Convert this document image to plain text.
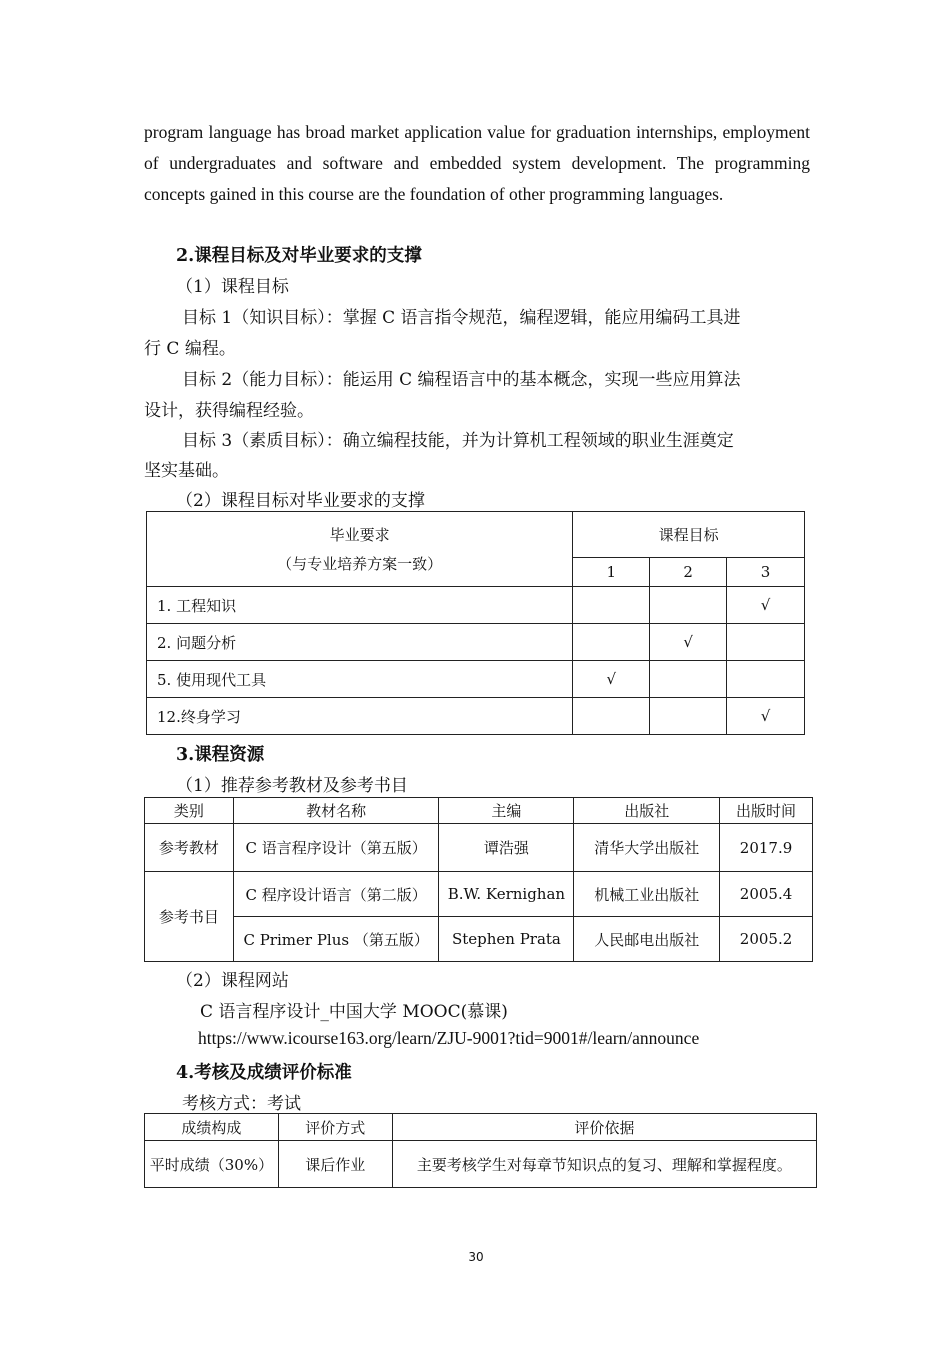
program language has broad market application value for graduation internships, employment of undergraduates and software and embedded system development. The programming concepts gained in this course are the foundation of other programming languages.
2.课程目标及对毕业要求的支撑
（1）课程目标
目标 1（知识目标）：掌握 C 语言指令规范，编程逻辑，能应用编码工具进
行 C 编程。
目标 2（能力目标）：能运用 C 编程语言中的基本概念，实现一些应用算法
设计，获得编程经验。
目标 3（素质目标）：确立编程技能，并为计算机工程领域的职业生涯奠定
坚实基础。
（2）课程目标对毕业要求的支撑
毕业要求
（与专业培养方案一致）	课程目标		
	1	2	3
1. 工程知识			√
2. 问题分析		√	
5. 使用现代工具	√		
12.终身学习			√
3.课程资源
（1）推荐参考教材及参考书目
类别	教材名称	主编	出版社	出版时间
参考教材	C 语言程序设计（第五版）	谭浩强	清华大学出版社	2017.9
参考书目	C 程序设计语言（第二版）	B.W. Kernighan	机械工业出版社	2005.4
	C Primer Plus （第五版）	Stephen Prata	人民邮电出版社	2005.2
（2）课程网站
C 语言程序设计_中国大学 MOOC(慕课)
https://www.icourse163.org/learn/ZJU-9001?tid=9001#/learn/announce
4.考核及成绩评价标准
考核方式：考试
成绩构成	评价方式	评价依据
平时成绩（30%）	课后作业	主要考核学生对每章节知识点的复习、理解和掌握程度。
30
